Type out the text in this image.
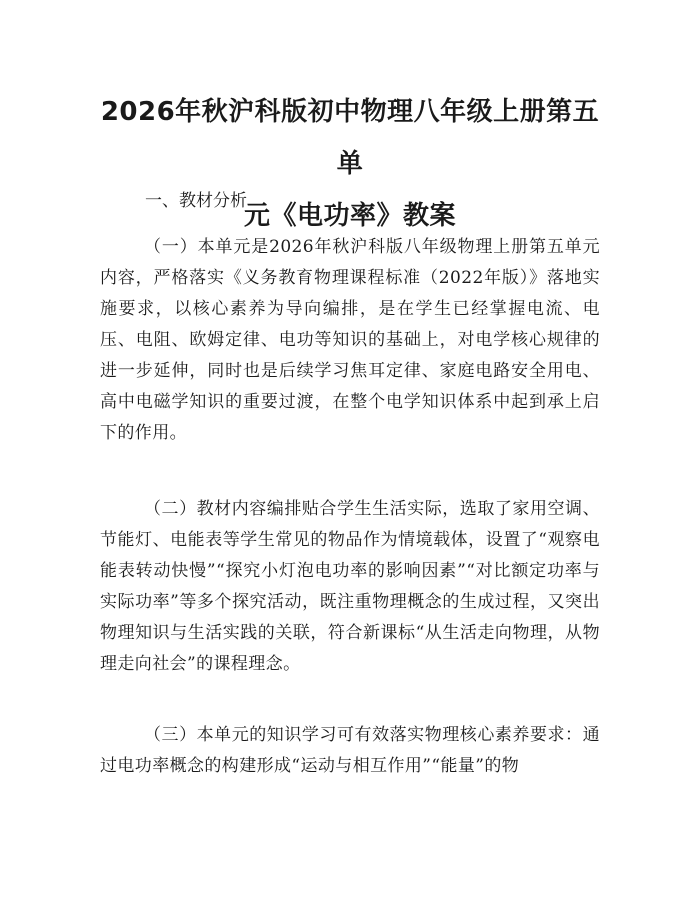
2026年秋沪科版初中物理八年级上册第五单
元《电功率》教案
一、教材分析

（一）本单元是2026年秋沪科版八年级物理上册第五单元内容，严格落实《义务教育物理课程标准（2022年版）》落地实施要求，以核心素养为导向编排，是在学生已经掌握电流、电压、电阻、欧姆定律、电功等知识的基础上，对电学核心规律的进一步延伸，同时也是后续学习焦耳定律、家庭电路安全用电、高中电磁学知识的重要过渡，在整个电学知识体系中起到承上启下的作用。

（二）教材内容编排贴合学生生活实际，选取了家用空调、节能灯、电能表等学生常见的物品作为情境载体，设置了“观察电能表转动快慢”“探究小灯泡电功率的影响因素”“对比额定功率与实际功率”等多个探究活动，既注重物理概念的生成过程，又突出物理知识与生活实践的关联，符合新课标“从生活走向物理，从物理走向社会”的课程理念。

（三）本单元的知识学习可有效落实物理核心素养要求：通过电功率概念的构建形成“运动与相互作用”“能量”的物
